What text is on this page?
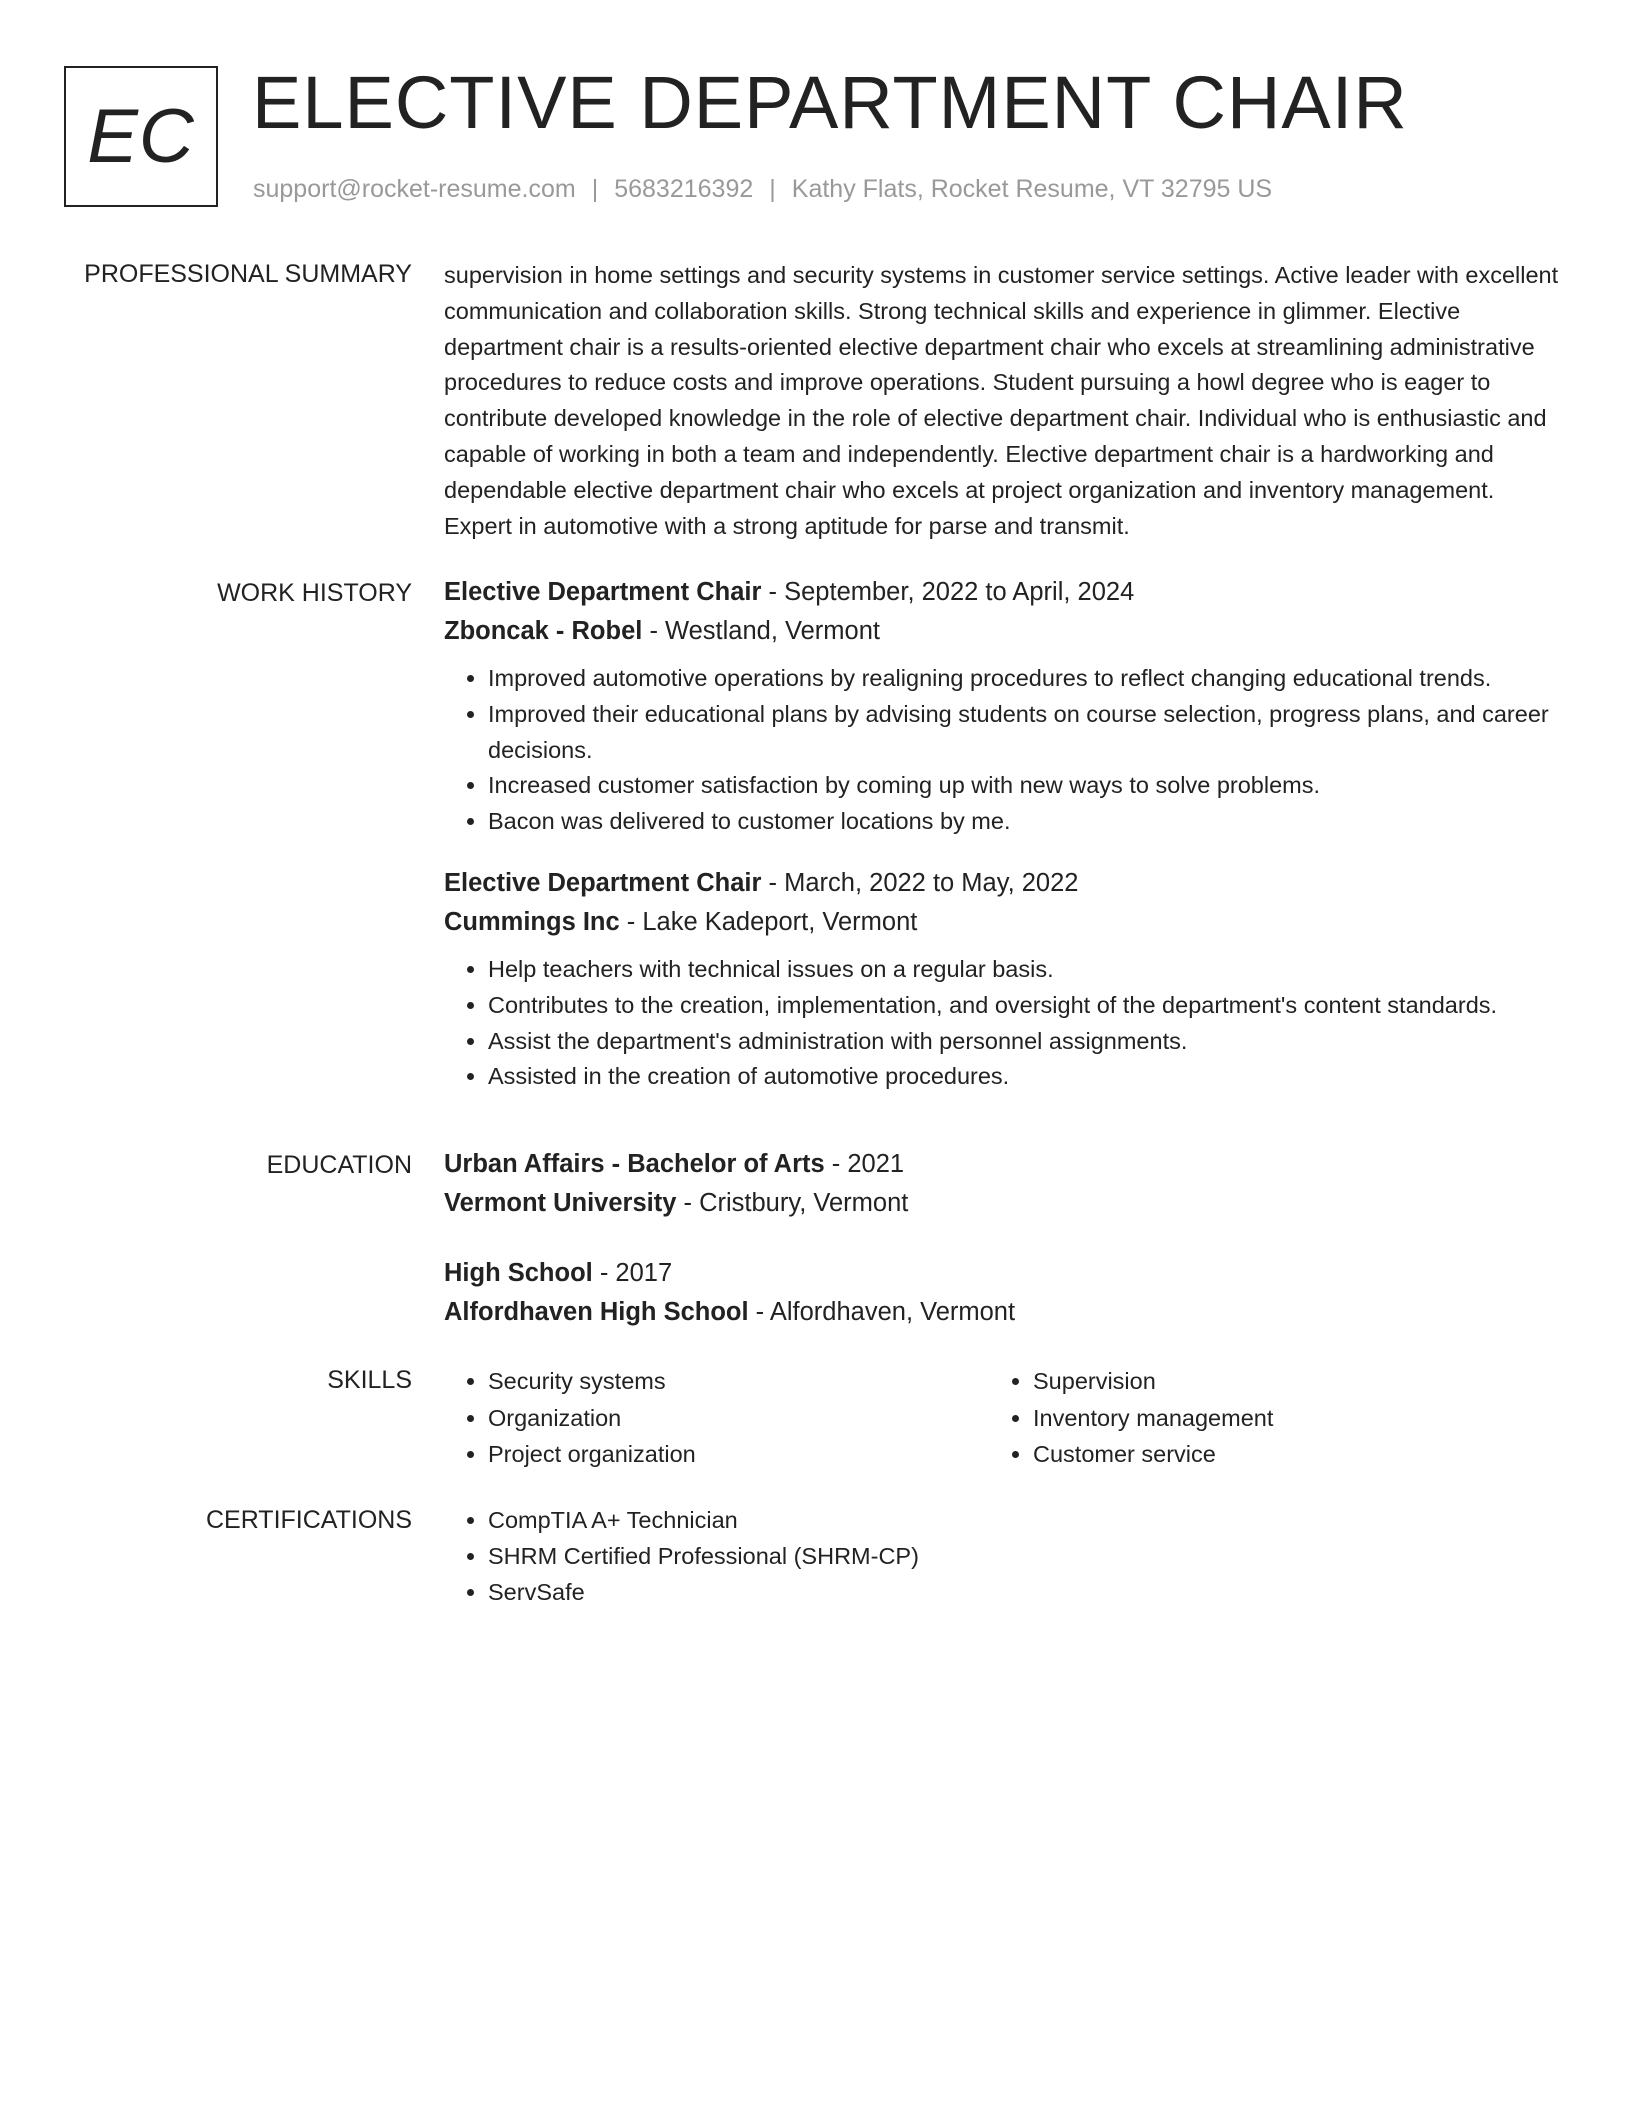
EC ELECTIVE DEPARTMENT CHAIR
support@rocket-resume.com | 5683216392 | Kathy Flats, Rocket Resume, VT 32795 US
PROFESSIONAL SUMMARY supervision in home settings and security systems in customer service settings. Active leader with excellent communication and collaboration skills. Strong technical skills and experience in glimmer. Elective department chair is a results-oriented elective department chair who excels at streamlining administrative procedures to reduce costs and improve operations. Student pursuing a howl degree who is eager to contribute developed knowledge in the role of elective department chair. Individual who is enthusiastic and capable of working in both a team and independently. Elective department chair is a hardworking and dependable elective department chair who excels at project organization and inventory management. Expert in automotive with a strong aptitude for parse and transmit.

WORK HISTORY Elective Department Chair - September, 2022 to April, 2024
Zboncak - Robel - Westland, Vermont
• Improved automotive operations by realigning procedures to reflect changing educational trends.
• Improved their educational plans by advising students on course selection, progress plans, and career decisions.
• Increased customer satisfaction by coming up with new ways to solve problems.
• Bacon was delivered to customer locations by me.
Elective Department Chair - March, 2022 to May, 2022
Cummings Inc - Lake Kadeport, Vermont
• Help teachers with technical issues on a regular basis.
• Contributes to the creation, implementation, and oversight of the department's content standards.
• Assist the department's administration with personnel assignments.
• Assisted in the creation of automotive procedures.
EDUCATION Urban Affairs - Bachelor of Arts - 2021
Vermont University - Cristbury, Vermont
High School - 2017
Alfordhaven High School - Alfordhaven, Vermont
SKILLS	• Security systems
• Organization
• Project organization
• Supervision
• Inventory management
• Customer service
CERTIFICATIONS	• CompTIA A+ Technician
• SHRM Certified Professional (SHRM-CP)
• ServSafe
